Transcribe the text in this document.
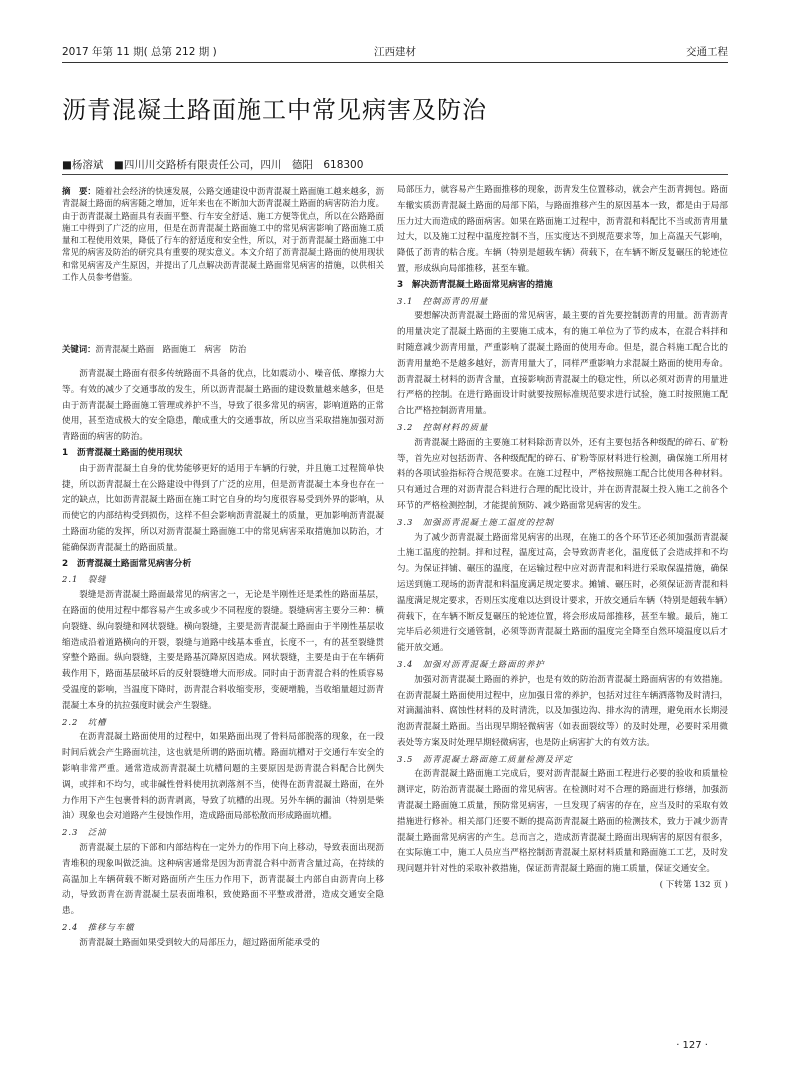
2017 年第 11 期( 总第 212 期 )	江西建材	交通工程
沥青混凝土路面施工中常见病害及防治
■杨溶斌　■四川川交路桥有限责任公司，四川　德阳　618300
摘　要：随着社会经济的快速发展，公路交通建设中沥青混凝土路面施工越来越多，沥青混凝土路面的病害随之增加，近年来也在不断加大沥青混凝土路面的病害防治力度。由于沥青混凝土路面具有表面平整、行车安全舒适、施工方便等优点，所以在公路路面施工中得到了广泛的应用，但是在沥青混凝土路面施工中的常见病害影响了路面施工质量和工程使用效果，降低了行车的舒适度和安全性，所以，对于沥青混凝土路面施工中常见的病害及防治的研究具有重要的现实意义。本文介绍了沥青混凝土路面的使用现状和常见病害及产生原因，并提出了几点解决沥青混凝土路面常见病害的措施，以供相关工作人员参考借鉴。
关键词：沥青混凝土路面　路面施工　病害　防治

沥青混凝土路面有很多传统路面不具备的优点，比如震动小、噪音低、摩擦力大等。有效的减少了交通事故的发生，所以沥青混凝土路面的建设数量越来越多，但是由于沥青混凝土路面施工管理或养护不当，导致了很多常见的病害，影响道路的正常使用，甚至造成极大的安全隐患，酿成重大的交通事故，所以应当采取措施加强对沥青路面的病害的防治。

1　沥青混凝土路面的使用现状

由于沥青混凝土自身的优势能够更好的适用于车辆的行驶，并且施工过程简单快捷，所以沥青混凝土在公路建设中得到了广泛的应用，但是沥青混凝土本身也存在一定的缺点，比如沥青混凝土路面在施工时它自身的均匀度很容易受到外界的影响，从而使它的内部结构受到损伤，这样不但会影响沥青混凝土的质量，更加影响沥青混凝土路面功能的发挥，所以对沥青混凝土路面施工中的常见病害采取措施加以防治，才能确保沥青混凝土的路面质量。

2　沥青混凝土路面常见病害分析
2.1　裂缝

裂缝是沥青混凝土路面最常见的病害之一，无论是半刚性还是柔性的路面基层，在路面的使用过程中都容易产生或多或少不同程度的裂缝。裂缝病害主要分三种：横向裂缝、纵向裂缝和网状裂缝。横向裂缝，主要是沥青混凝土路面由于半刚性基层收缩造成沿着道路横向的开裂，裂缝与道路中线基本垂直，长度不一，有的甚至裂缝贯穿整个路面。纵向裂缝，主要是路基沉降原因造成。网状裂缝，主要是由于在车辆荷载作用下，路面基层破坏后的反射裂缝增大而形成。同时由于沥青混合料的性质容易受温度的影响，当温度下降时，沥青混合料收缩变形，变硬增脆，当收缩量超过沥青混凝土本身的抗拉强度时就会产生裂缝。

2.2　坑槽

在沥青混凝土路面使用的过程中，如果路面出现了骨料局部脱落的现象，在一段时间后就会产生路面坑洼，这也就是所谓的路面坑槽。路面坑槽对于交通行车安全的影响非常严重。通常造成沥青混凝土坑槽问题的主要原因是沥青混合料配合比例失调，或拌和不均匀，或非碱性骨料使用抗剥落剂不当，使得在沥青混凝土路面，在外力作用下产生包裹骨料的沥青剥离，导致了坑槽的出现。另外车辆的漏油（特别是柴油）现象也会对道路产生侵蚀作用，造成路面局部松散而形成路面坑槽。

2.3　泛油

沥青混凝土层的下部和内部结构在一定外力的作用下向上移动，导致表面出现沥青堆积的现象叫做泛油。这种病害通常是因为沥青混合料中沥青含量过高，在持续的高温加上车辆荷载不断对路面所产生压力作用下，沥青混凝土内部自由沥青向上移动，导致沥青在沥青混凝土层表面堆积，致使路面不平整或滑滑，造成交通安全隐患。

2.4　推移与车辙

沥青混凝土路面如果受到较大的局部压力，超过路面所能承受的

局部压力，就容易产生路面推移的现象，沥青发生位置移动，就会产生沥青拥包。路面车辙实质沥青混凝土路面的局部下陷，与路面推移产生的原因基本一致，都是由于局部压力过大而造成的路面病害。如果在路面施工过程中，沥青混和料配比不当或沥青用量过大，以及施工过程中温度控制不当，压实度达不到规范要求等，加上高温天气影响，降低了沥青的粘合度。车辆（特别是超载车辆）荷载下，在车辆不断反复碾压的轮迹位置，形成纵向局部推移，甚至车辙。

3　解决沥青混凝土路面常见病害的措施
3.1　控制沥青的用量

要想解决沥青混凝土路面的常见病害，最主要的首先要控制沥青的用量。沥青沥青的用量决定了混凝土路面的主要施工成本，有的施工单位为了节约成本，在混合料拌和时随意减少沥青用量，严重影响了混凝土路面的使用寿命。但是，混合料施工配合比的沥青用量绝不是越多越好，沥青用量大了，同样严重影响力求混凝土路面的使用寿命。沥青混凝土材料的沥青含量，直接影响沥青混凝土的稳定性，所以必须对沥青的用量进行严格的控制。在进行路面设计时就要按照标准规范要求进行试验，施工时按照施工配合比严格控制沥青用量。

3.2　控制材料的质量

沥青混凝土路面的主要施工材料除沥青以外，还有主要包括各种级配的碎石、矿粉等，首先应对包括沥青、各种级配配的碎石、矿粉等原材料进行检测，确保施工所用材料的各项试验指标符合规范要求。在施工过程中，严格按照施工配合比使用各种材料。只有通过合理的对沥青混合料进行合理的配比设计，并在沥青混凝土投入施工之前各个环节的严格检测控制，才能提前预防、减少路面常见病害的发生。

3.3　加强沥青混凝土施工温度的控制

为了减少沥青混凝土路面常见病害的出现，在施工的各个环节还必须加强沥青混凝土施工温度的控制。拌和过程，温度过高，会导致沥青老化，温度低了会造成拌和不均匀。为保证拌铺、碾压的温度，在运输过程中应对沥青混和料进行采取保温措施，确保运送到施工现场的沥青混和料温度满足规定要求。摊铺、碾压时，必须保证沥青混和料温度满足规定要求，否则压实度难以达到设计要求，开放交通后车辆（特别是超载车辆）荷载下，在车辆不断反复碾压的轮迹位置，将会形成局部推移，甚至车辙。最后，施工完毕后必须进行交通管制，必须等沥青混凝土路面的温度完全降至自然环境温度以后才能开放交通。

3.4　加强对沥青混凝土路面的养护

加强对沥青混凝土路面的养护，也是有效的防治沥青混凝土路面病害的有效措施。在沥青混凝土路面使用过程中，应加强日常的养护，包括对过往车辆洒落物及时清扫，对滴漏油料、腐蚀性材料的及时清洗，以及加强边沟、排水沟的清理，避免雨水长期浸泡沥青混凝土路面。当出现早期轻微病害（如表面裂纹等）的及时处理，必要时采用微表处等方案及时处理早期轻微病害，也是防止病害扩大的有效方法。

3.5　沥青混凝土路面施工质量检测及评定

在沥青混凝土路面施工完成后，要对沥青混凝土路面工程进行必要的验收和质量检测评定，防治沥青混凝土路面的常见病害。在检测时对不合理的路面进行修缮，加强沥青混凝土路面施工质量，预防常见病害，一旦发现了病害的存在，应当及时的采取有效措施进行修补。相关部门还要不断的提高沥青混凝土路面的检测技术，致力于减少沥青混凝土路面常见病害的产生。总而言之，造成沥青混凝土路面出现病害的原因有很多，在实际施工中，施工人员应当严格控制沥青混凝土原材料质量和路面施工工艺，及时发现问题并针对性的采取补救措施，保证沥青混凝土路面的施工质量，保证交通安全。

( 下转第 132 页 )

· 127 ·
